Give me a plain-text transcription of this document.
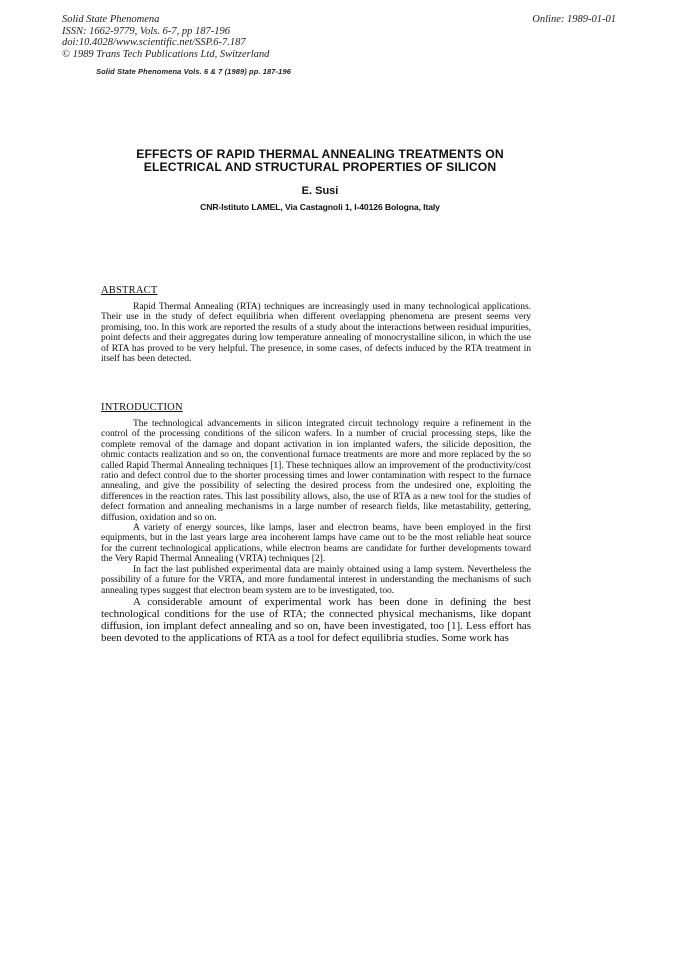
Solid State Phenomena
ISSN: 1662-9779, Vols. 6-7, pp 187-196
doi:10.4028/www.scientific.net/SSP.6-7.187
© 1989 Trans Tech Publications Ltd, Switzerland
Online: 1989-01-01
Solid State Phenomena Vols. 6 & 7 (1989) pp. 187-196
EFFECTS OF RAPID THERMAL ANNEALING TREATMENTS ON
ELECTRICAL AND STRUCTURAL PROPERTIES OF SILICON
E. Susi
CNR-Istituto LAMEL, Via Castagnoli 1, I-40126 Bologna, Italy
ABSTRACT

Rapid Thermal Annealing (RTA) techniques are increasingly used in many technological applications. Their use in the study of defect equilibria when different overlapping phenomena are present seems very promising, too. In this work are reported the results of a study about the interactions between residual impurities, point defects and their aggregates during low temperature annealing of monocrystalline silicon, in which the use of RTA has proved to be very helpful. The presence, in some cases, of defects induced by the RTA treatment in itself has been detected.

INTRODUCTION

The technological advancements in silicon integrated circuit technology require a refinement in the control of the processing conditions of the silicon wafers. In a number of crucial processing steps, like the complete removal of the damage and dopant activation in ion implanted wafers, the silicide deposition, the ohmic contacts realization and so on, the conventional furnace treatments are more and more replaced by the so called Rapid Thermal Annealing techniques [1]. These techniques allow an improvement of the productivity/cost ratio and defect control due to the shorter processing times and lower contamination with respect to the furnace annealing, and give the possibility of selecting the desired process from the undesired one, exploiting the differences in the reaction rates. This last possibility allows, also, the use of RTA as a new tool for the studies of defect formation and annealing mechanisms in a large number of research fields, like metastability, gettering, diffusion, oxidation and so on.

A variety of energy sources, like lamps, laser and electron beams, have been employed in the first equipments, but in the last years large area incoherent lamps have came out to be the most reliable heat source for the current technological applications, while electron beams are candidate for further developments toward the Very Rapid Thermal Annealing (VRTA) techniques [2].

In fact the last published experimental data are mainly obtained using a lamp system. Nevertheless the possibility of a future for the VRTA, and more fundamental interest in understanding the mechanisms of such annealing types suggest that electron beam system are to be investigated, too.

A considerable amount of experimental work has been done in defining the best technological conditions for the use of RTA; the connected physical mechanisms, like dopant diffusion, ion implant defect annealing and so on, have been investigated, too [1]. Less effort has been devoted to the applications of RTA as a tool for defect equilibria studies. Some work has
